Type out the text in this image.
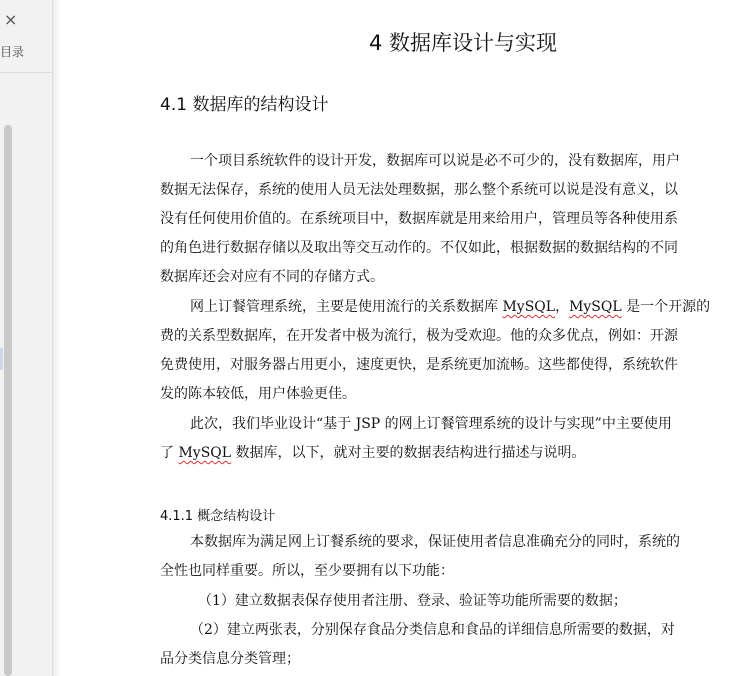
×
目录	4 数据库设计与实现
4.1 数据库的结构设计
一个项目系统软件的设计开发，数据库可以说是必不可少的，没有数据库，用户
数据无法保存，系统的使用人员无法处理数据，那么整个系统可以说是没有意义，以
没有任何使用价值的。在系统项目中，数据库就是用来给用户，管理员等各种使用系
的角色进行数据存储以及取出等交互动作的。不仅如此，根据数据的数据结构的不同
数据库还会对应有不同的存储方式。
网上订餐管理系统，主要是使用流行的关系数据库 MySQL，MySQL 是一个开源的
费的关系型数据库，在开发者中极为流行，极为受欢迎。他的众多优点，例如：开源
免费使用，对服务器占用更小，速度更快，是系统更加流畅。这些都使得，系统软件
发的陈本较低，用户体验更佳。
此次，我们毕业设计“基于 JSP 的网上订餐管理系统的设计与实现”中主要使用
了 MySQL 数据库，以下，就对主要的数据表结构进行描述与说明。
4.1.1 概念结构设计
本数据库为满足网上订餐系统的要求，保证使用者信息准确充分的同时，系统的
全性也同样重要。所以，至少要拥有以下功能：
（1）建立数据表保存使用者注册、登录、验证等功能所需要的数据；
（2）建立两张表，分别保存食品分类信息和食品的详细信息所需要的数据，对
品分类信息分类管理；
